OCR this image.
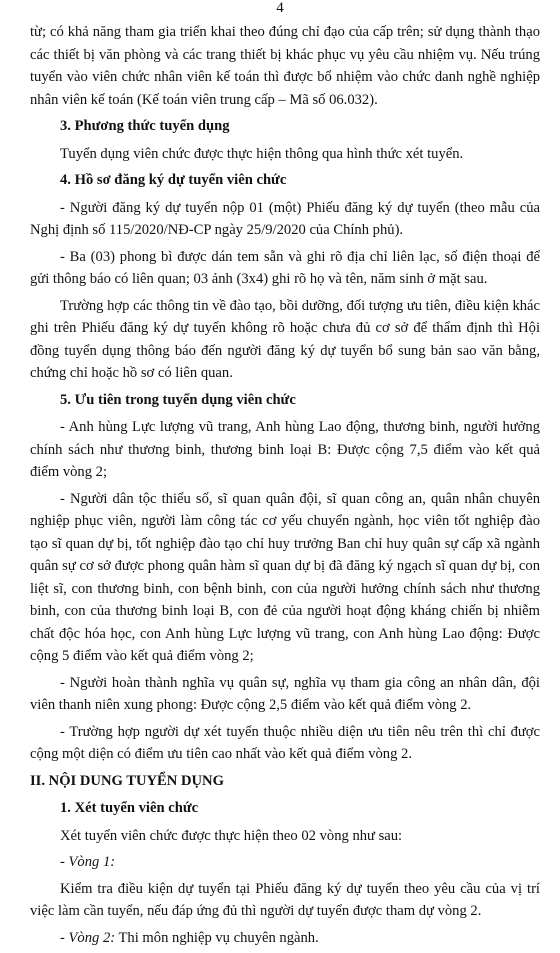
4

từ; có khả năng tham gia triển khai theo đúng chỉ đạo của cấp trên; sử dụng thành thạo các thiết bị văn phòng và các trang thiết bị khác phục vụ yêu cầu nhiệm vụ. Nếu trúng tuyển vào viên chức nhân viên kế toán thì được bổ nhiệm vào chức danh nghề nghiệp nhân viên kế toán (Kế toán viên trung cấp – Mã số 06.032).

3. Phương thức tuyển dụng

Tuyển dụng viên chức được thực hiện thông qua hình thức xét tuyển.

4. Hồ sơ đăng ký dự tuyển viên chức

- Người đăng ký dự tuyển nộp 01 (một) Phiếu đăng ký dự tuyển (theo mẫu của Nghị định số 115/2020/NĐ-CP ngày 25/9/2020 của Chính phủ).

- Ba (03) phong bì được dán tem sẵn và ghi rõ địa chỉ liên lạc, số điện thoại để gửi thông báo có liên quan; 03 ảnh (3x4) ghi rõ họ và tên, năm sinh ở mặt sau.

Trường hợp các thông tin về đào tạo, bồi dưỡng, đối tượng ưu tiên, điều kiện khác ghi trên Phiếu đăng ký dự tuyển không rõ hoặc chưa đủ cơ sở để thẩm định thì Hội đồng tuyển dụng thông báo đến người đăng ký dự tuyển bổ sung bản sao văn bằng, chứng chỉ hoặc hồ sơ có liên quan.

5. Ưu tiên trong tuyển dụng viên chức

- Anh hùng Lực lượng vũ trang, Anh hùng Lao động, thương binh, người hưởng chính sách như thương binh, thương binh loại B: Được cộng 7,5 điểm vào kết quả điểm vòng 2;

- Người dân tộc thiểu số, sĩ quan quân đội, sĩ quan công an, quân nhân chuyên nghiệp phục viên, người làm công tác cơ yếu chuyển ngành, học viên tốt nghiệp đào tạo sĩ quan dự bị, tốt nghiệp đào tạo chỉ huy trưởng Ban chỉ huy quân sự cấp xã ngành quân sự cơ sở được phong quân hàm sĩ quan dự bị đã đăng ký ngạch sĩ quan dự bị, con liệt sĩ, con thương binh, con bệnh binh, con của người hưởng chính sách như thương binh, con của thương binh loại B, con đẻ của người hoạt động kháng chiến bị nhiễm chất độc hóa học, con Anh hùng Lực lượng vũ trang, con Anh hùng Lao động: Được cộng 5 điểm vào kết quả điểm vòng 2;

- Người hoàn thành nghĩa vụ quân sự, nghĩa vụ tham gia công an nhân dân, đội viên thanh niên xung phong: Được cộng 2,5 điểm vào kết quả điểm vòng 2.

- Trường hợp người dự xét tuyển thuộc nhiều diện ưu tiên nêu trên thì chỉ được cộng một diện có điểm ưu tiên cao nhất vào kết quả điểm vòng 2.

II. NỘI DUNG TUYỂN DỤNG

1. Xét tuyển viên chức

Xét tuyển viên chức được thực hiện theo 02 vòng như sau:

- Vòng 1:

Kiểm tra điều kiện dự tuyển tại Phiếu đăng ký dự tuyển theo yêu cầu của vị trí việc làm cần tuyển, nếu đáp ứng đủ thì người dự tuyển được tham dự vòng 2.

- Vòng 2: Thi môn nghiệp vụ chuyên ngành.
